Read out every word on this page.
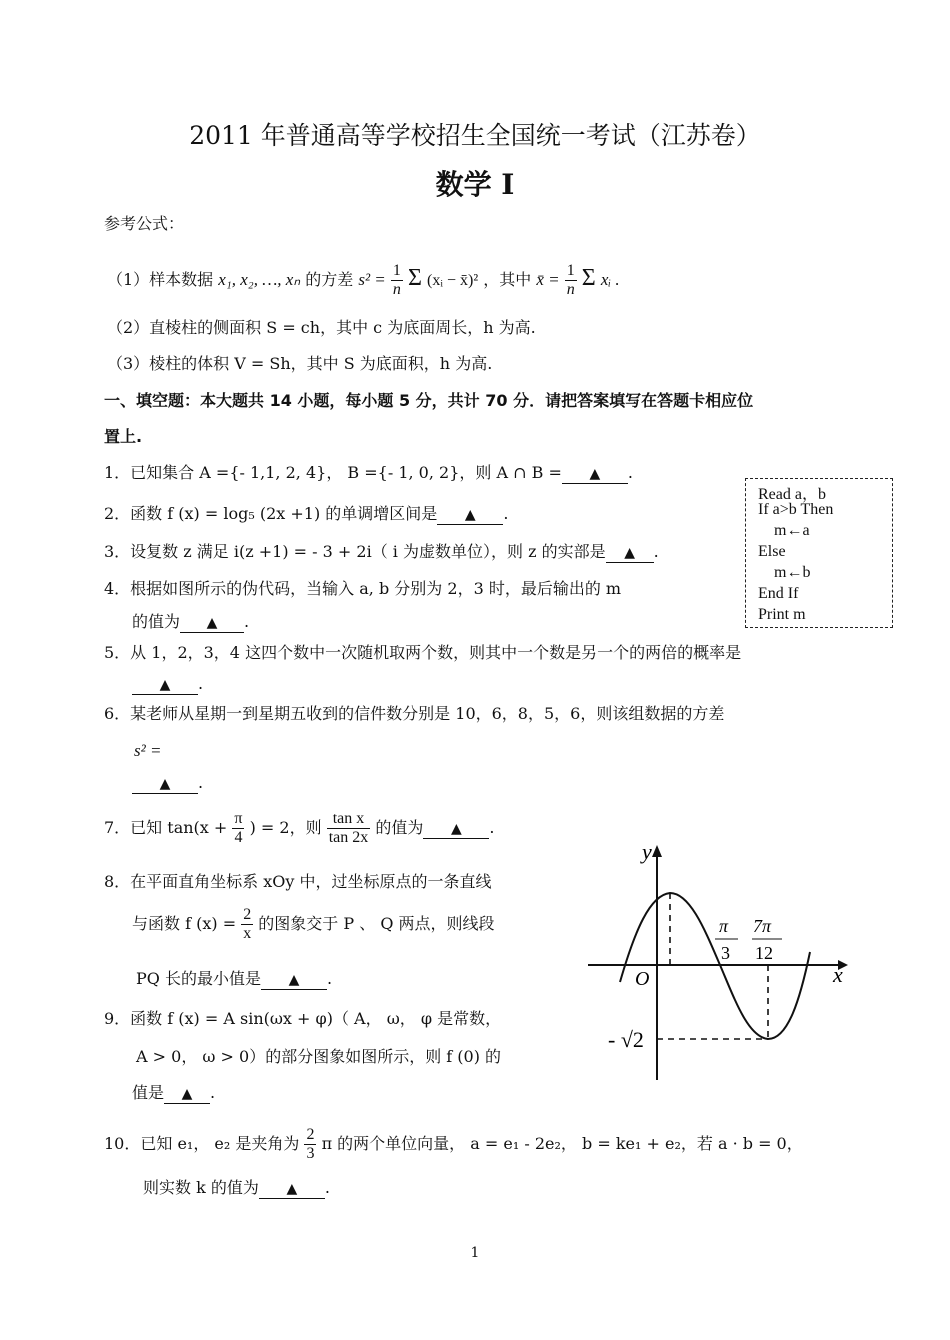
2011 年普通高等学校招生全国统一考试（江苏卷）
数学 Ⅰ
参考公式：
（1）样本数据 x₁, x₂, …, xₙ 的方差 $s^2 = \frac{1}{n}$ Σ (xᵢ − x̄)² ，其中 x̄ = $\frac{1}{n}$ Σ xᵢ .
（2）直棱柱的侧面积 S = ch，其中 c 为底面周长，h 为高.
（3）棱柱的体积 V = Sh，其中 S 为底面积，h 为高.
一、填空题：本大题共 14 小题，每小题 5 分，共计 70 分．请把答案填写在答题卡相应位
置上.
1．已知集合 A ={- 1,1, 2, 4}， B ={- 1, 0, 2}，则 A ∩ B = ▲ .
2．函数 f (x) = log₅ (2x +1) 的单调增区间是 ▲ .
3．设复数 z 满足 i(z +1) = - 3 + 2i（ i 为虚数单位），则 z 的实部是 ▲ .
4．根据如图所示的伪代码，当输入 a, b 分别为 2，3 时，最后输出的 m
的值为 ▲ .
Read a，b
If a>b Then
m←a
Else
m←b
End If
Print m
5．从 1，2，3，4 这四个数中一次随机取两个数，则其中一个数是另一个的两倍的概率是
▲ .
6．某老师从星期一到星期五收到的信件数分别是 10，6，8，5，6，则该组数据的方差
s² =
▲ .
7．已知 $\tan(x + \frac{\pi}{4}$ ) = 2，则 $\frac{\text{tan x}}{\tan 2x}$ 的值为 ▲ .
8．在平面直角坐标系 xOy 中，过坐标原点的一条直线
与函数 f $(x) = \frac{2}{x}$ 的图象交于 P 、 Q 两点，则线段
PQ 长的最小值是 ▲ .
9．函数 f (x) = A sin(ωx + φ)（ A， ω， φ 是常数，
A > 0， ω > 0）的部分图象如图所示，则 f (0) 的
值是 ▲ .
y
x
O
π
3
7π
12
- √2
10．已知 e₁， e₂ 是夹角为 $\frac{2}{3}$ π 的两个单位向量， a = e₁ - 2e₂， b = ke₁ + e₂，若 a · b = 0，
则实数 k 的值为 ▲ .
1
